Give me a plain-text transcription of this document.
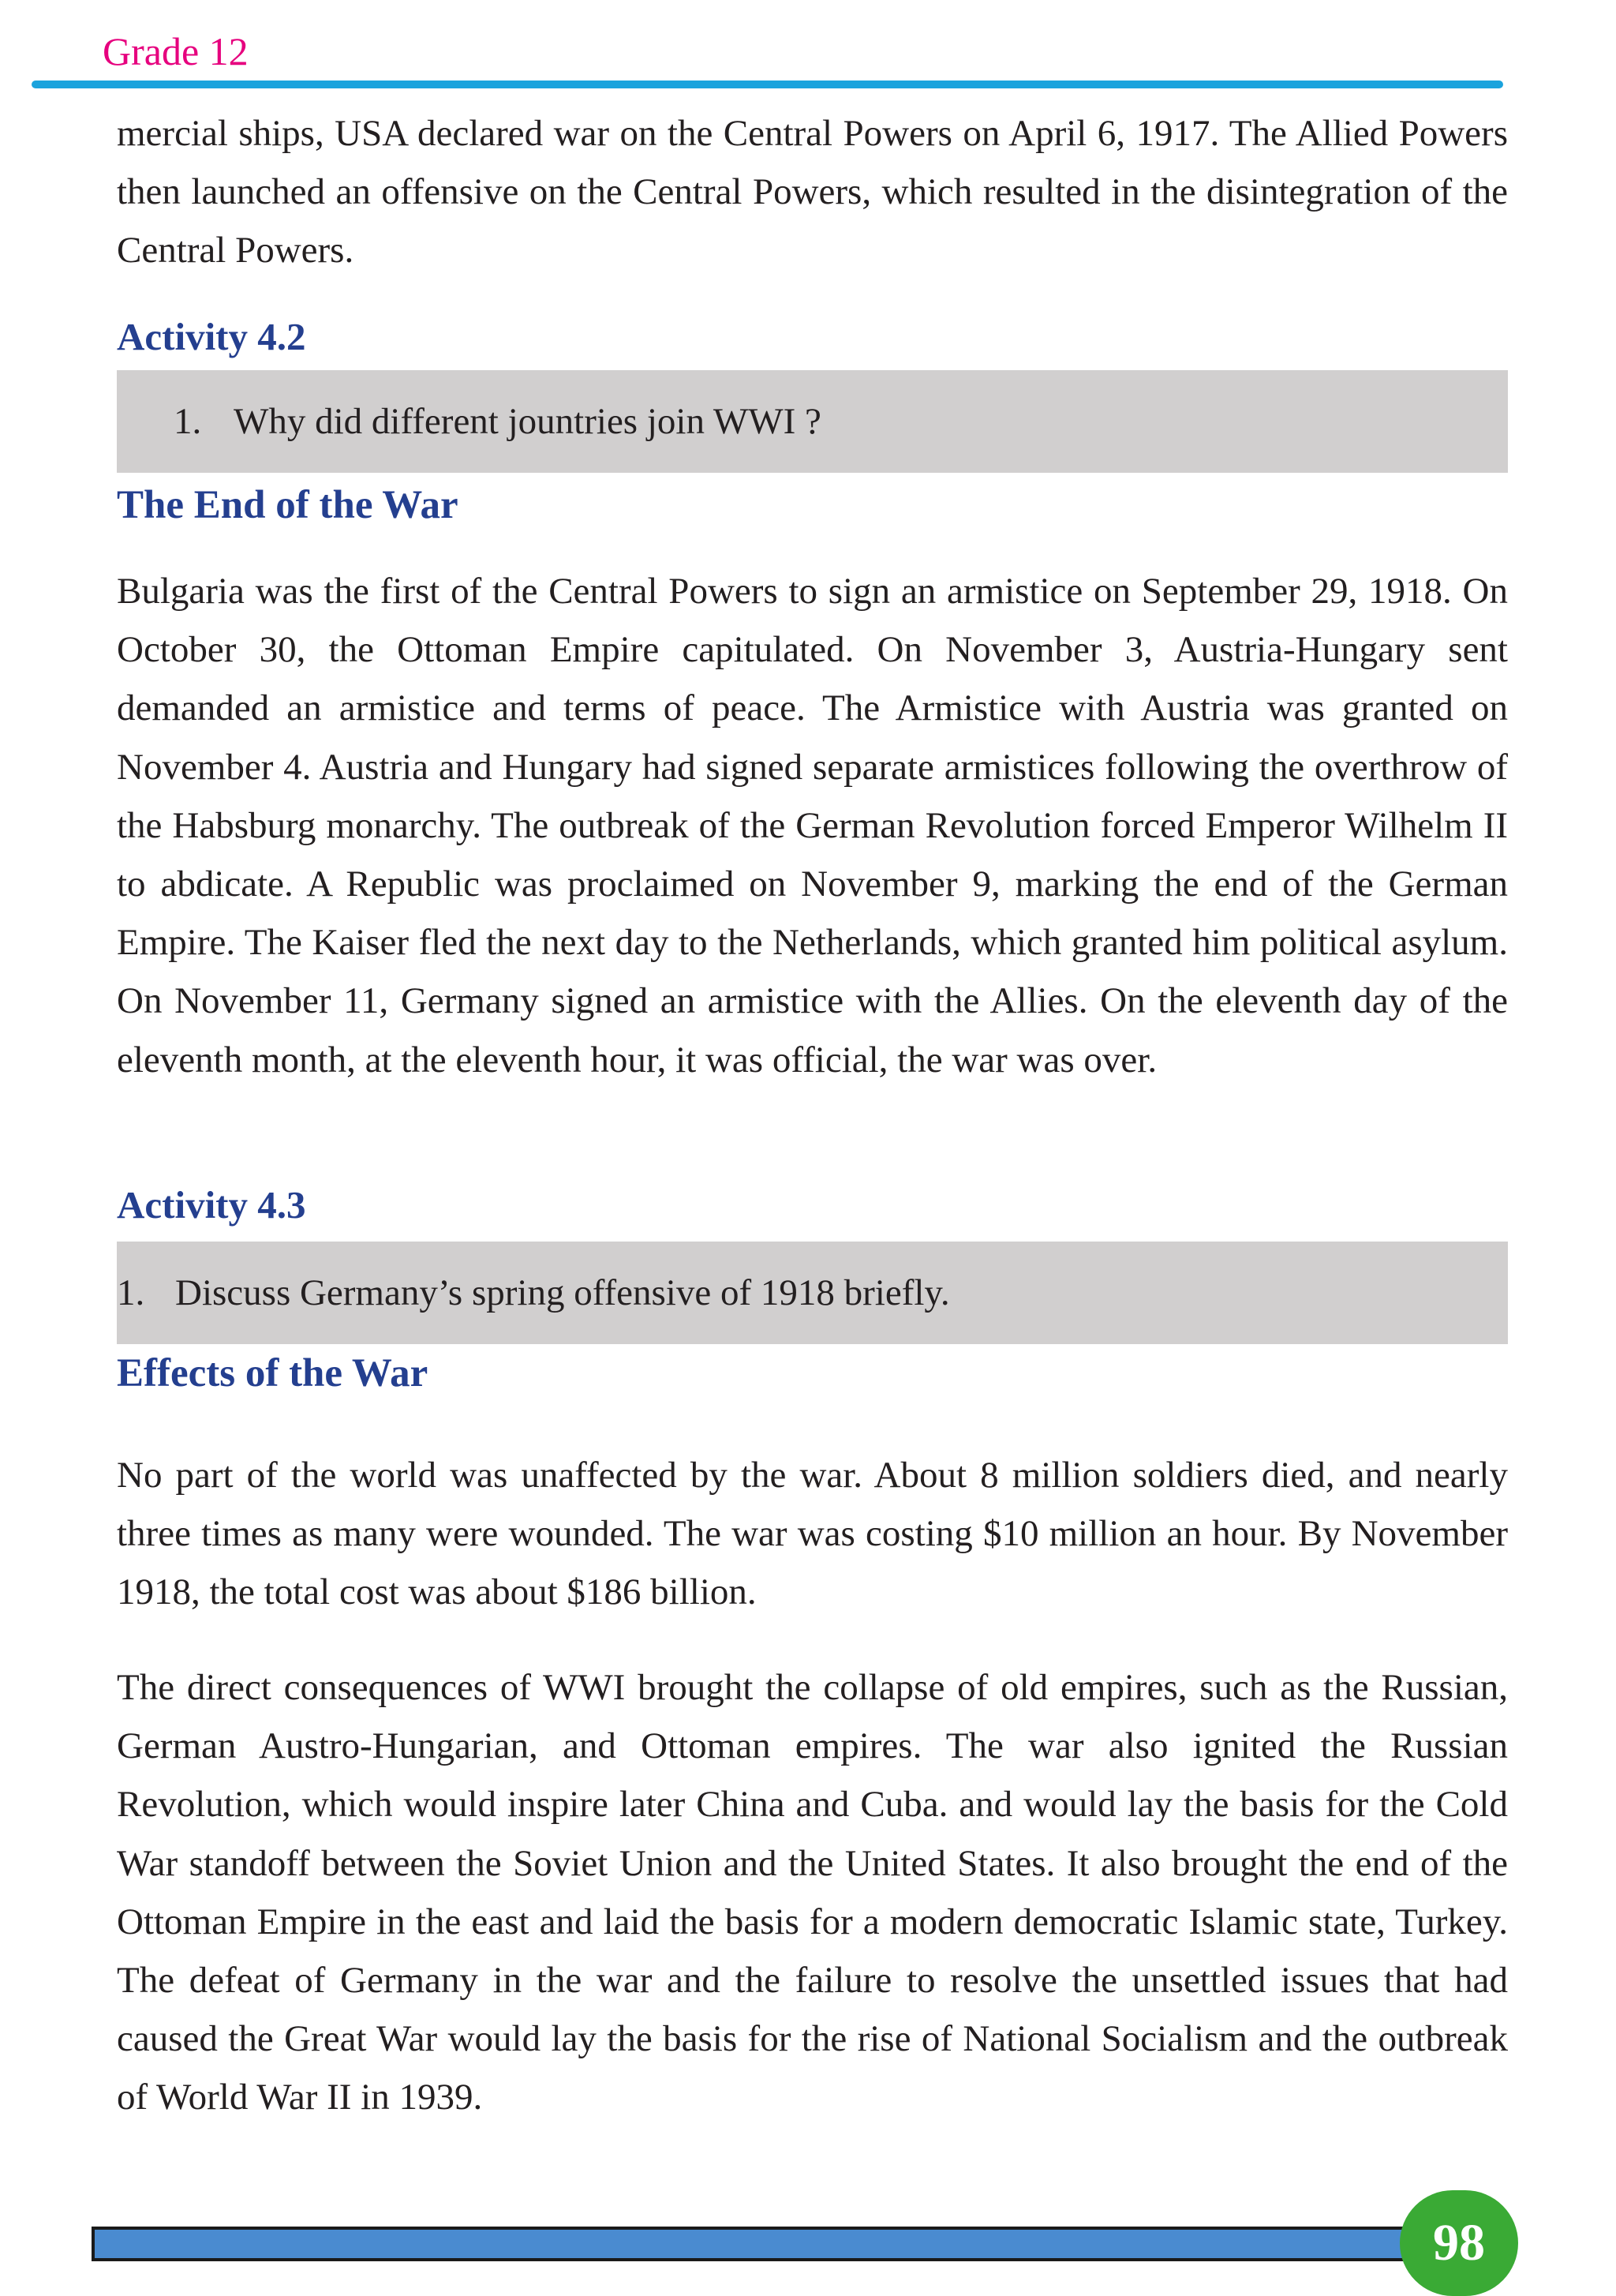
Grade 12

mercial ships, USA declared war on the Central Powers on April 6, 1917. The Allied Powers then launched an offensive on the Central Powers, which resulted in the disintegration of the Central Powers.

Activity 4.2
1. Why did different jountries join WWI ?
The End of the War

Bulgaria was the first of the Central Powers to sign an armistice on September 29, 1918. On October 30, the Ottoman Empire capitulated. On November 3, Austria-Hungary sent demanded an armistice and terms of peace. The Armistice with Austria was granted on November 4. Austria and Hungary had signed separate armistices following the overthrow of the Habsburg monarchy. The outbreak of the German Revolution forced Emperor Wilhelm II to abdicate. A Republic was proclaimed on November 9, marking the end of the German Empire. The Kaiser fled the next day to the Netherlands, which granted him political asylum. On November 11, Germany signed an armistice with the Allies. On the eleventh day of the eleventh month, at the eleventh hour, it was official, the war was over.

Activity 4.3
1. Discuss Germany’s spring offensive of 1918 briefly.
Effects of the War

No part of the world was unaffected by the war. About 8 million soldiers died, and nearly three times as many were wounded. The war was costing $10 million an hour. By November 1918, the total cost was about $186 billion.

The direct consequences of WWI brought the collapse of old empires, such as the Russian, German Austro-Hungarian, and Ottoman empires. The war also ignited the Russian Revolution, which would inspire later China and Cuba. and would lay the basis for the Cold War standoff between the Soviet Union and the United States. It also brought the end of the Ottoman Empire in the east and laid the basis for a modern democratic Islamic state, Turkey. The defeat of Germany in the war and the failure to resolve the unsettled issues that had caused the Great War would lay the basis for the rise of National Socialism and the outbreak of World War II in 1939.

98
